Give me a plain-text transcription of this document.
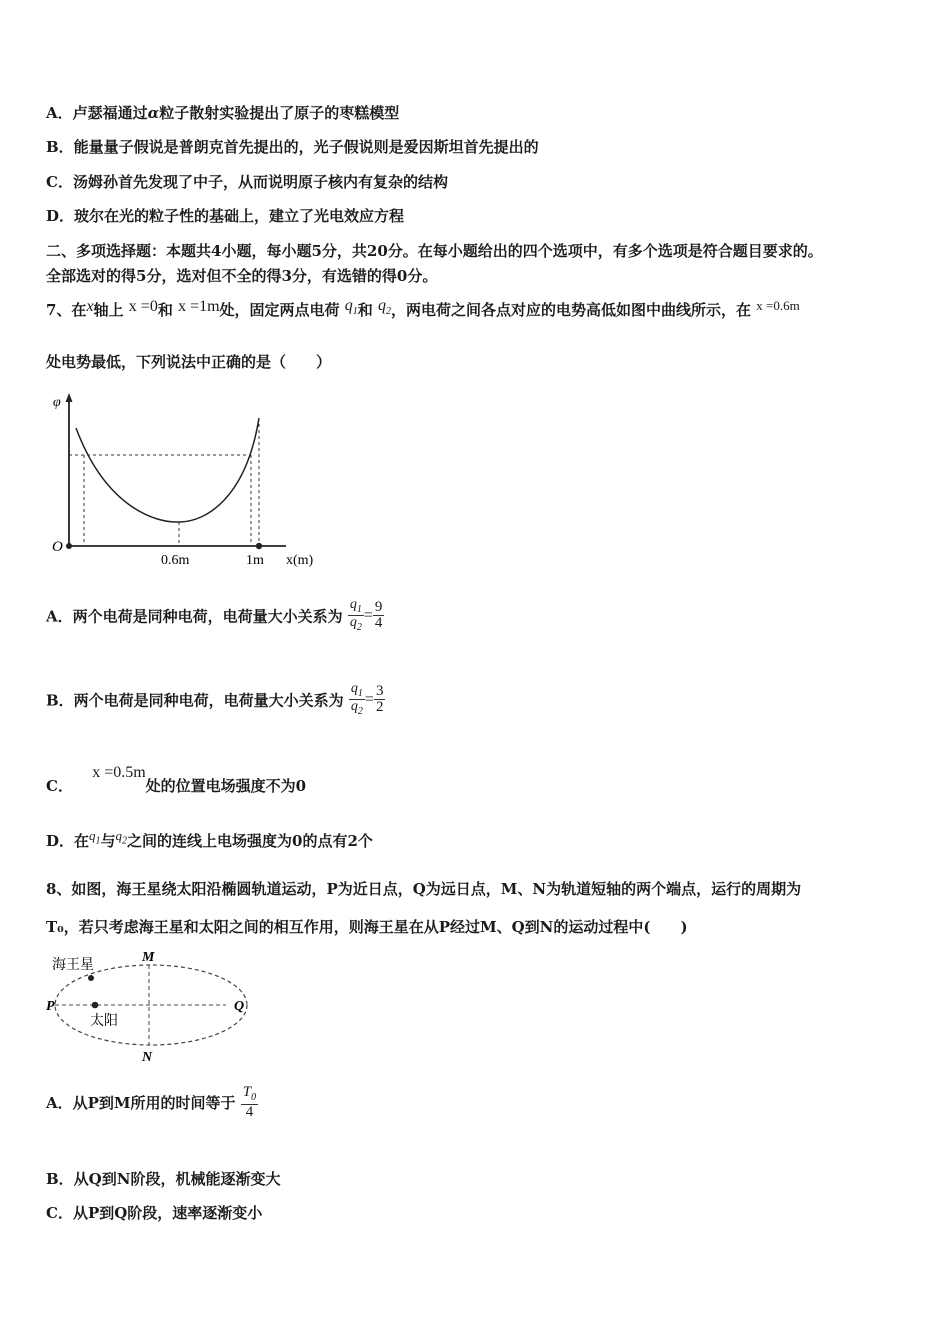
A．卢瑟福通过α粒子散射实验提出了原子的枣糕模型
B．能量量子假说是普朗克首先提出的，光子假说则是爱因斯坦首先提出的
C．汤姆孙首先发现了中子，从而说明原子核内有复杂的结构
D．玻尔在光的粒子性的基础上，建立了光电效应方程
二、多项选择题：本题共4小题，每小题5分，共20分。在每小题给出的四个选项中，有多个选项是符合题目要求的。
全部选对的得5分，选对但不全的得3分，有选错的得0分。
7、在x轴上 x =0和 x =1m处，固定两点电荷 $q_1$和 $q_2$，两电荷之间各点对应的电势高低如图中曲线所示，在 x =0.6m
处电势最低，下列说法中正确的是（　　）
φ
O
0.6m	1m x(m)
A．两个电荷是同种电荷，电荷量大小关系为 $\frac{q_1}{q_2} = \frac{9}{4}$
B．两个电荷是同种电荷，电荷量大小关系为 $\frac{q_1}{q_2} = \frac{3}{2}$
C． x =0.5m处的位置电场强度不为0
D．在$q_1$与$q_2$之间的连线上电场强度为0的点有2个
8、如图，海王星绕太阳沿椭圆轨道运动，P为近日点，Q为远日点，M、N为轨道短轴的两个端点，运行的周期为
T₀，若只考虑海王星和太阳之间的相互作用，则海王星在从P经过M、Q到N的运动过程中(　　)
海王星
太阳
M
N
P	Q
A．从P到M所用的时间等于 $\frac{T_0}{4}$
B．从Q到N阶段，机械能逐渐变大
C．从P到Q阶段，速率逐渐变小
